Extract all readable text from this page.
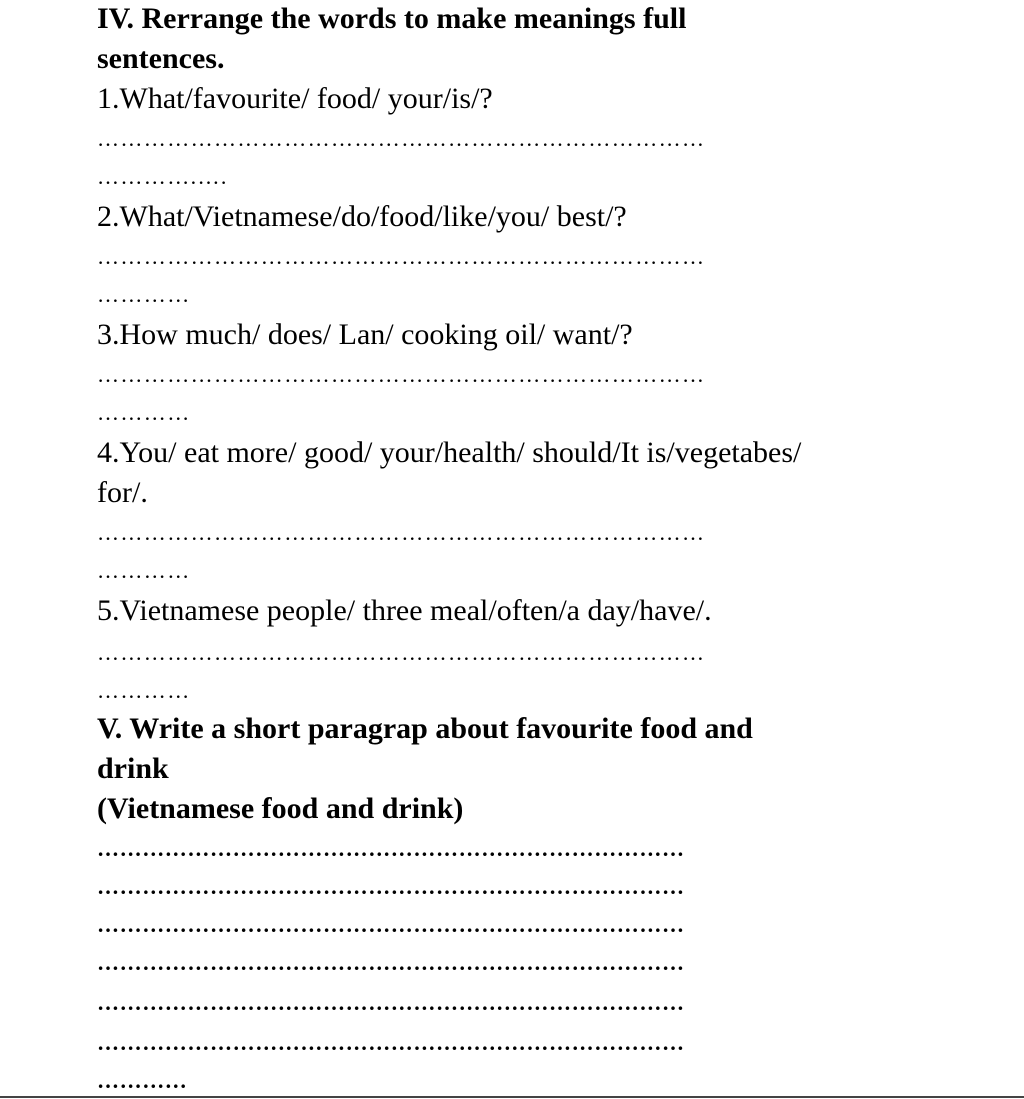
IV. Rerrange the words to make meanings full
sentences.
1.What/favourite/ food/ your/is/?
……………………………………………………………………
………….….
2.What/Vietnamese/do/food/like/you/ best/?
……………………………………………………………………
…………
3.How much/ does/ Lan/ cooking oil/ want/?
……………………………………………………………………
…………
4.You/ eat more/ good/ your/health/ should/It is/vegetabes/
for/.
……………………………………………………………………
…………
5.Vietnamese people/ three meal/often/a day/have/.
……………………………………………………………………
…………
V. Write a short paragrap about favourite food and
drink
(Vietnamese food and drink)
……………………………………………………………………
……………………………………………………………………
……………………………………………………………………
……………………………………………………………………
……………………………………………………………………
……………………………………………………………………
…………
